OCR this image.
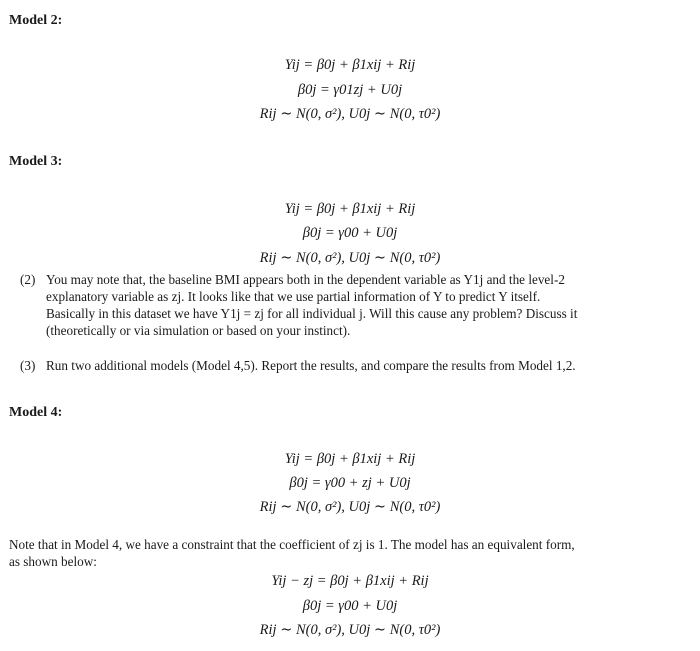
Model 2:
Yij = β0j + β1xij + Rij
β0j = γ01zj + U0j
Rij ∼ N(0, σ²), U0j ∼ N(0, τ0²)
Model 3:
Yij = β0j + β1xij + Rij
β0j = γ00 + U0j
Rij ∼ N(0, σ²), U0j ∼ N(0, τ0²)
(2) You may note that, the baseline BMI appears both in the dependent variable as Y1j and the level-2
explanatory variable as zj. It looks like that we use partial information of Y to predict Y itself.
Basically in this dataset we have Y1j = zj for all individual j. Will this cause any problem? Discuss it
(theoretically or via simulation or based on your instinct).
(3) Run two additional models (Model 4,5). Report the results, and compare the results from Model 1,2.
Model 4:
Yij = β0j + β1xij + Rij
β0j = γ00 + zj + U0j
Rij ∼ N(0, σ²), U0j ∼ N(0, τ0²)
Note that in Model 4, we have a constraint that the coefficient of zj is 1. The model has an equivalent form,
as shown below:
Yij − zj = β0j + β1xij + Rij
β0j = γ00 + U0j
Rij ∼ N(0, σ²), U0j ∼ N(0, τ0²)
